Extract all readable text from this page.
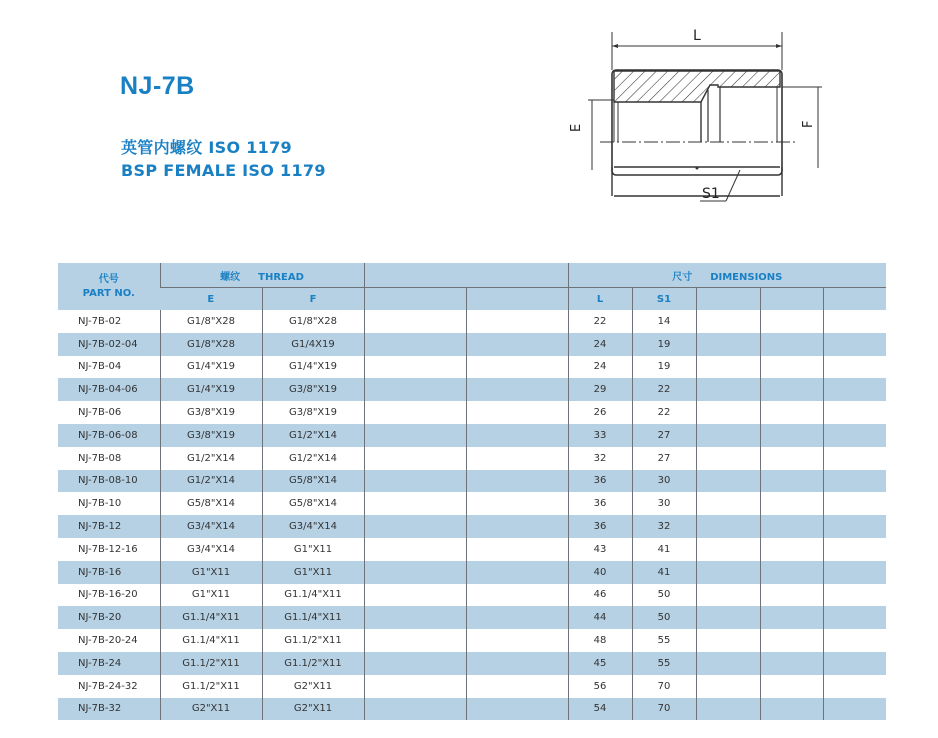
NJ-7B
英管内螺纹 ISO 1179
BSP FEMALE ISO 1179
L
E	F
S1
代号
PART NO.	螺纹 THREAD				尺寸 DIMENSIONS				
	E	F			L	S1			
NJ-7B-02	G1/8"X28	G1/8"X28			22	14			
NJ-7B-02-04	G1/8"X28	G1/4X19			24	19			
NJ-7B-04	G1/4"X19	G1/4"X19			24	19			
NJ-7B-04-06	G1/4"X19	G3/8"X19			29	22			
NJ-7B-06	G3/8"X19	G3/8"X19			26	22			
NJ-7B-06-08	G3/8"X19	G1/2"X14			33	27			
NJ-7B-08	G1/2"X14	G1/2"X14			32	27			
NJ-7B-08-10	G1/2"X14	G5/8"X14			36	30			
NJ-7B-10	G5/8"X14	G5/8"X14			36	30			
NJ-7B-12	G3/4"X14	G3/4"X14			36	32			
NJ-7B-12-16	G3/4"X14	G1"X11			43	41			
NJ-7B-16	G1"X11	G1"X11			40	41			
NJ-7B-16-20	G1"X11	G1.1/4"X11			46	50			
NJ-7B-20	G1.1/4"X11	G1.1/4"X11			44	50			
NJ-7B-20-24	G1.1/4"X11	G1.1/2"X11			48	55			
NJ-7B-24	G1.1/2"X11	G1.1/2"X11			45	55			
NJ-7B-24-32	G1.1/2"X11	G2"X11			56	70			
NJ-7B-32	G2"X11	G2"X11			54	70			
